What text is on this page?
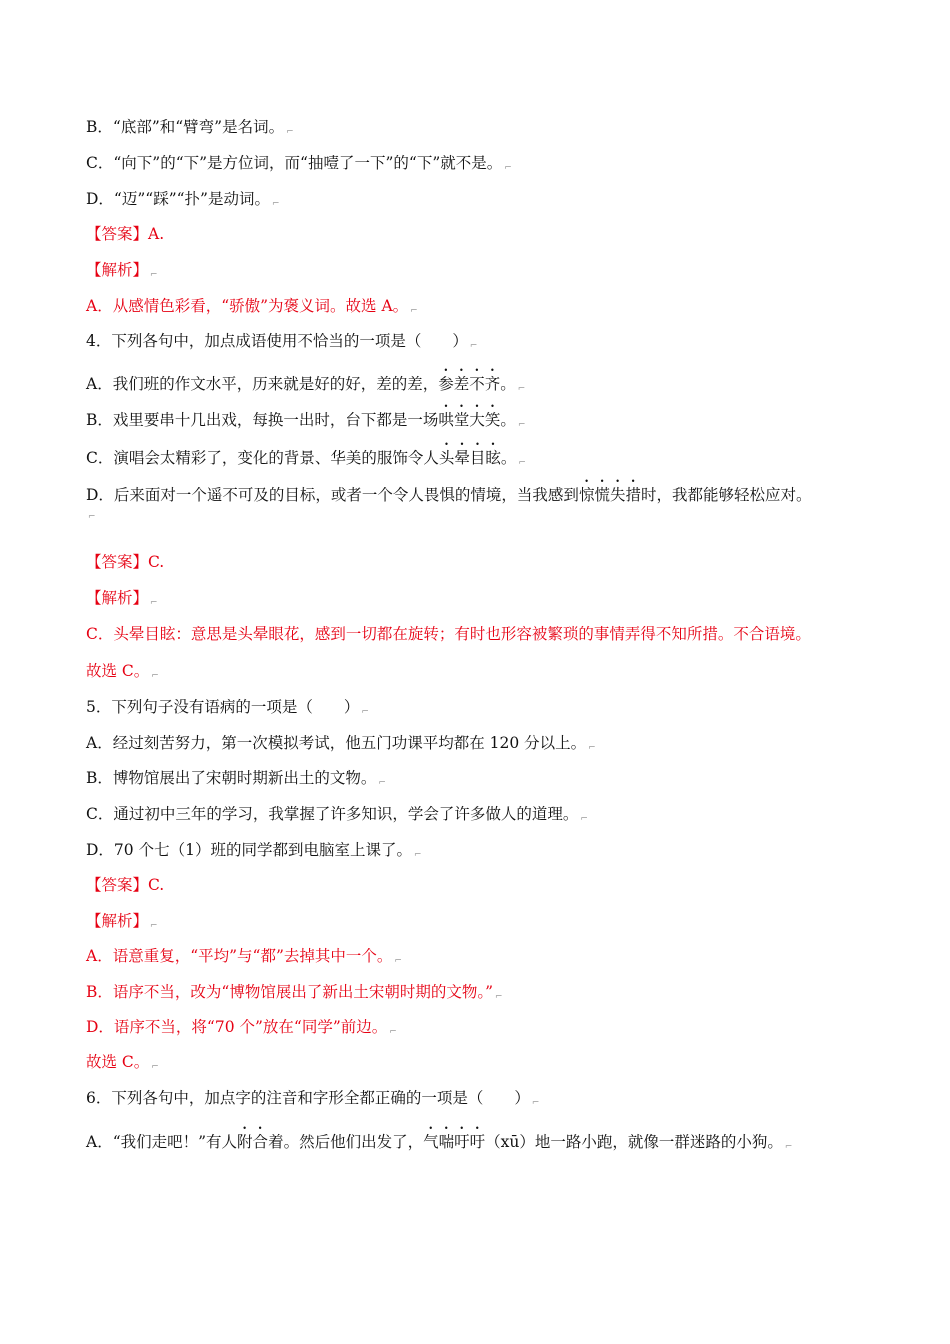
B．“底部”和“臂弯”是名词。 ⌐
C．“向下”的“下”是方位词，而“抽噎了一下”的“下”就不是。 ⌐
D．“迈”“踩”“扑”是动词。 ⌐
【答案】A.
【解析】 ⌐
A．从感情色彩看，“骄傲”为褒义词。故选 A。 ⌐
4．下列各句中，加点成语使用不恰当的一项是（　　） ⌐
A．我们班的作文水平，历来就是好的好，差的差，参差不齐。 ⌐
B．戏里要串十几出戏，每换一出时，台下都是一场哄堂大笑。 ⌐
C．演唱会太精彩了，变化的背景、华美的服饰令人头晕目眩。 ⌐
D．后来面对一个遥不可及的目标，或者一个令人畏惧的情境，当我感到惊慌失措时，我都能够轻松应对。
⌐
【答案】C.
【解析】 ⌐
C．头晕目眩：意思是头晕眼花，感到一切都在旋转；有时也形容被繁琐的事情弄得不知所措。不合语境。
故选 C。 ⌐
5．下列句子没有语病的一项是（　　） ⌐
A．经过刻苦努力，第一次模拟考试，他五门功课平均都在 120 分以上。 ⌐
B．博物馆展出了宋朝时期新出土的文物。 ⌐
C．通过初中三年的学习，我掌握了许多知识，学会了许多做人的道理。 ⌐
D．70 个七（1）班的同学都到电脑室上课了。 ⌐
【答案】C.
【解析】 ⌐
A．语意重复，“平均”与“都”去掉其中一个。 ⌐
B．语序不当，改为“博物馆展出了新出土宋朝时期的文物。” ⌐
D．语序不当，将“70 个”放在“同学”前边。 ⌐
故选 C。 ⌐
6．下列各句中，加点字的注音和字形全都正确的一项是（　　） ⌐
A．“我们走吧！”有人附合着。然后他们出发了，气喘吁吁（xū）地一路小跑，就像一群迷路的小狗。 ⌐
